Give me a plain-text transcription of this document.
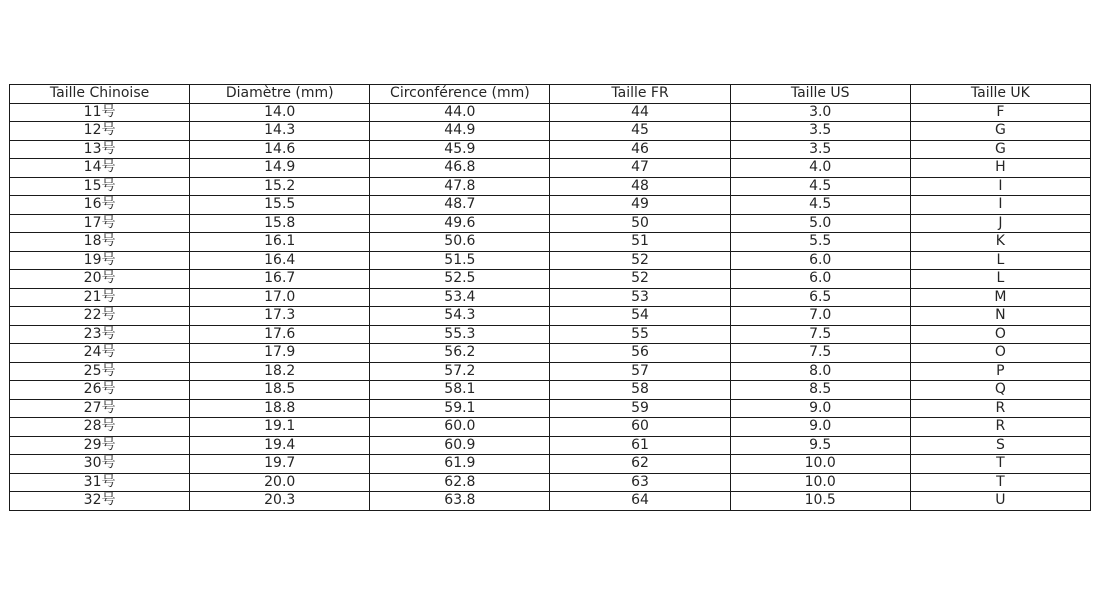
Taille Chinoise	Diamètre (mm)	Circonférence (mm)	Taille FR	Taille US	Taille UK
11号	14.0	44.0	44	3.0	F
12号	14.3	44.9	45	3.5	G
13号	14.6	45.9	46	3.5	G
14号	14.9	46.8	47	4.0	H
15号	15.2	47.8	48	4.5	I
16号	15.5	48.7	49	4.5	I
17号	15.8	49.6	50	5.0	J
18号	16.1	50.6	51	5.5	K
19号	16.4	51.5	52	6.0	L
20号	16.7	52.5	52	6.0	L
21号	17.0	53.4	53	6.5	M
22号	17.3	54.3	54	7.0	N
23号	17.6	55.3	55	7.5	O
24号	17.9	56.2	56	7.5	O
25号	18.2	57.2	57	8.0	P
26号	18.5	58.1	58	8.5	Q
27号	18.8	59.1	59	9.0	R
28号	19.1	60.0	60	9.0	R
29号	19.4	60.9	61	9.5	S
30号	19.7	61.9	62	10.0	T
31号	20.0	62.8	63	10.0	T
32号	20.3	63.8	64	10.5	U
